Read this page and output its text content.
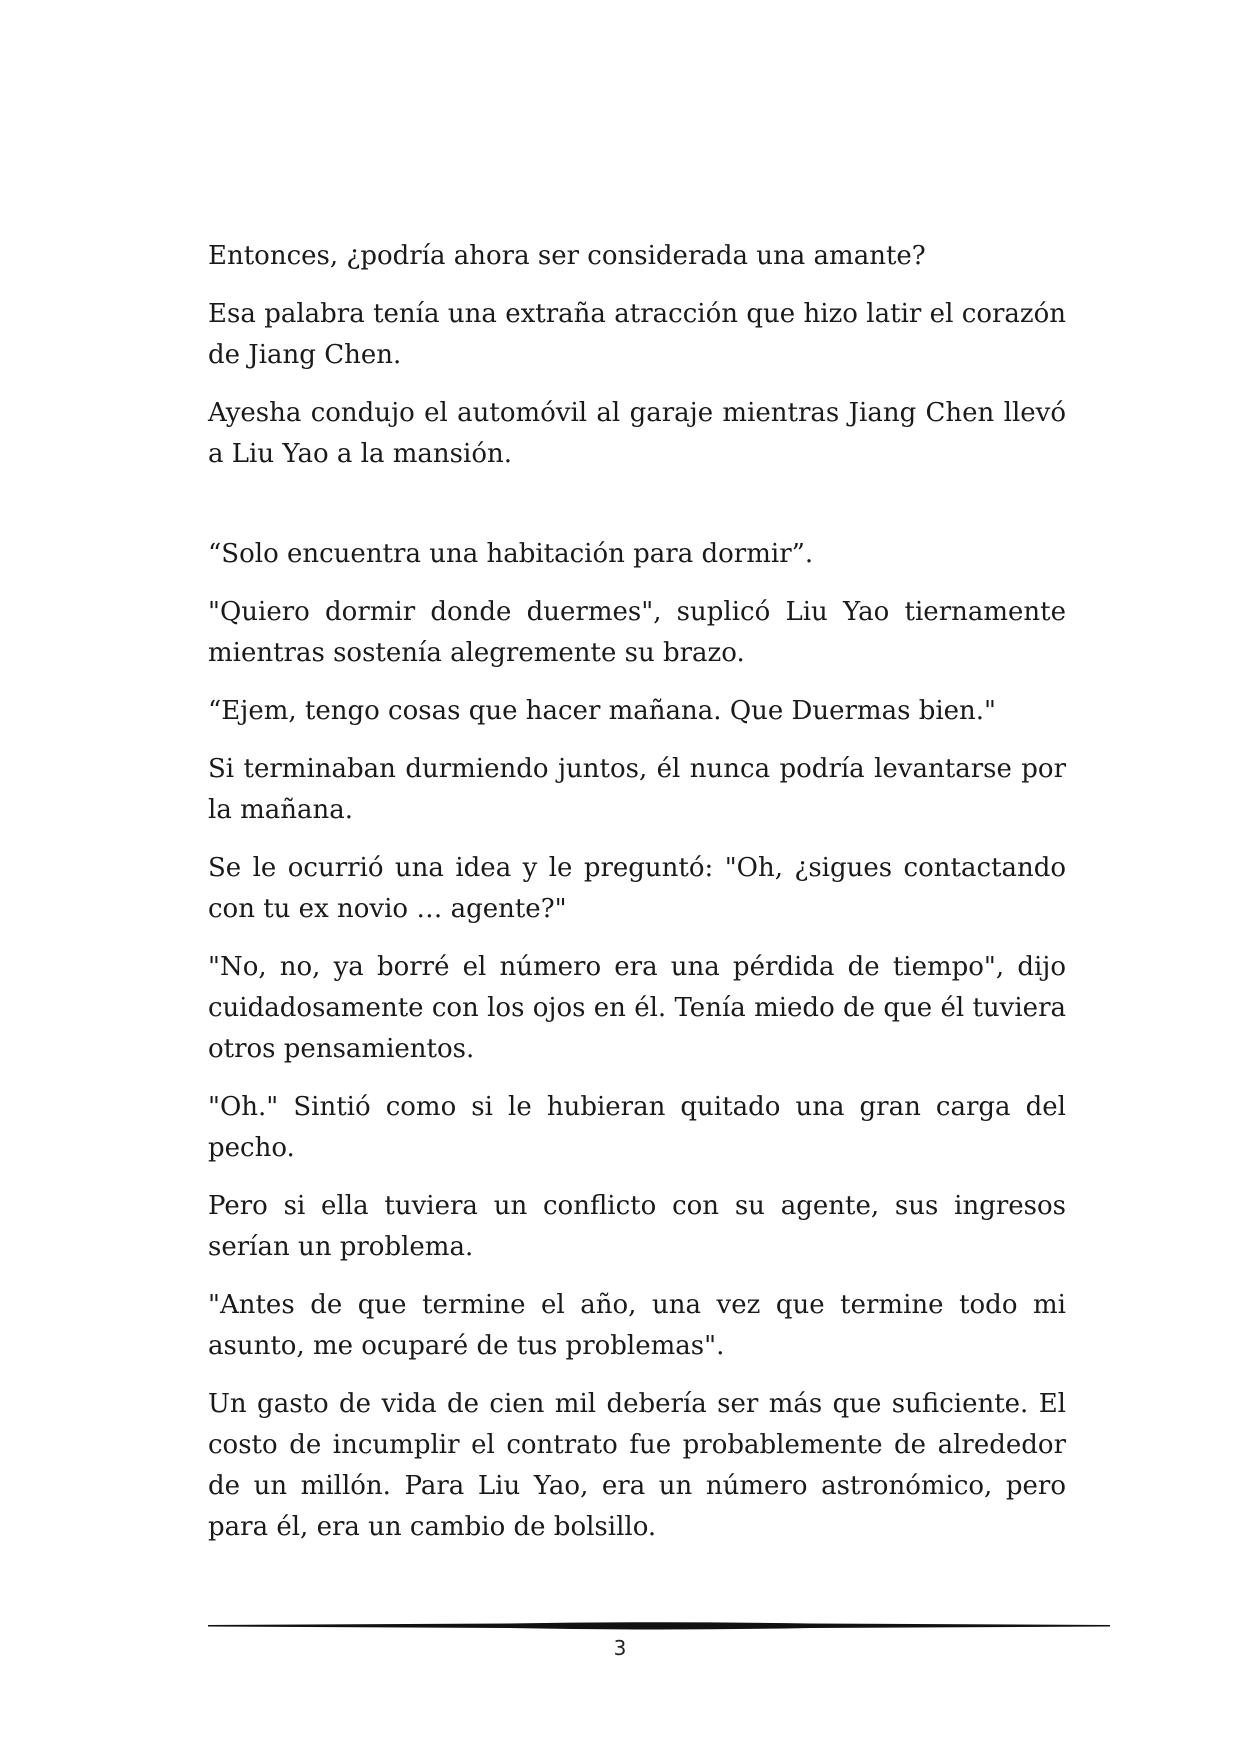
Entonces, ¿podría ahora ser considerada una amante?

Esa palabra tenía una extraña atracción que hizo latir el corazón de Jiang Chen.

Ayesha condujo el automóvil al garaje mientras Jiang Chen llevó a Liu Yao a la mansión.

“Solo encuentra una habitación para dormir”.

"Quiero dormir donde duermes", suplicó Liu Yao tiernamente mientras sostenía alegremente su brazo.

“Ejem, tengo cosas que hacer mañana. Que Duermas bien."

Si terminaban durmiendo juntos, él nunca podría levantarse por la mañana.

Se le ocurrió una idea y le preguntó: "Oh, ¿sigues contactando con tu ex novio … agente?"

"No, no, ya borré el número era una pérdida de tiempo", dijo cuidadosamente con los ojos en él. Tenía miedo de que él tuviera otros pensamientos.

"Oh." Sintió como si le hubieran quitado una gran carga del pecho.

Pero si ella tuviera un conflicto con su agente, sus ingresos serían un problema.

"Antes de que termine el año, una vez que termine todo mi asunto, me ocuparé de tus problemas".

Un gasto de vida de cien mil debería ser más que suficiente. El costo de incumplir el contrato fue probablemente de alrededor de un millón. Para Liu Yao, era un número astronómico, pero para él, era un cambio de bolsillo.

3
